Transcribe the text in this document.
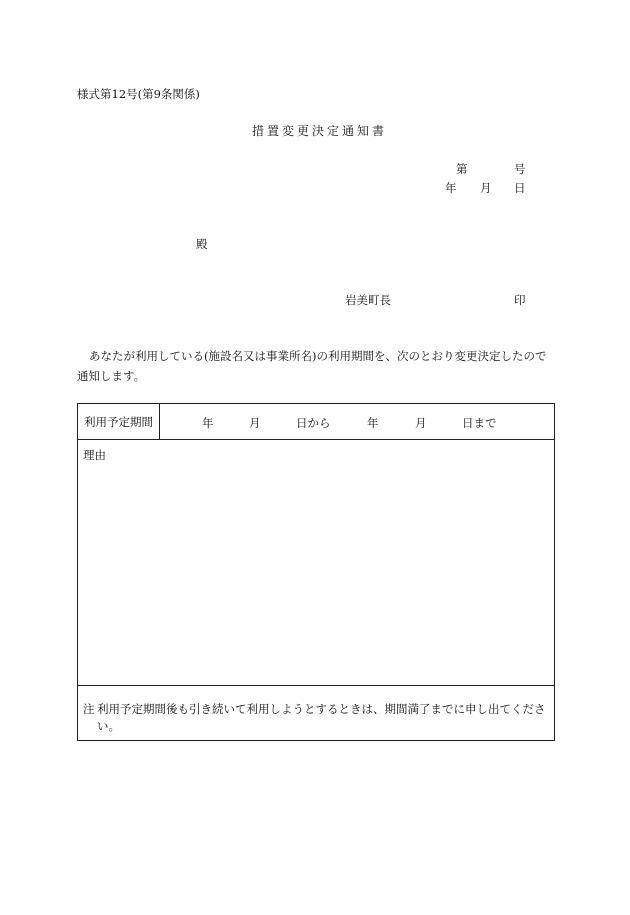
様式第12号(第9条関係)
措置変更決定通知書
第	号
年 月 日
殿
岩美町長	印
あなたが利用している(施設名又は事業所名)の利用期間を、次のとおり変更決定したので通知します。
利用予定期間	年	月	日から	年	月	日まで
理由
注 利用予定期間後も引き続いて利用しようとするときは、期間満了までに申し出てください。
